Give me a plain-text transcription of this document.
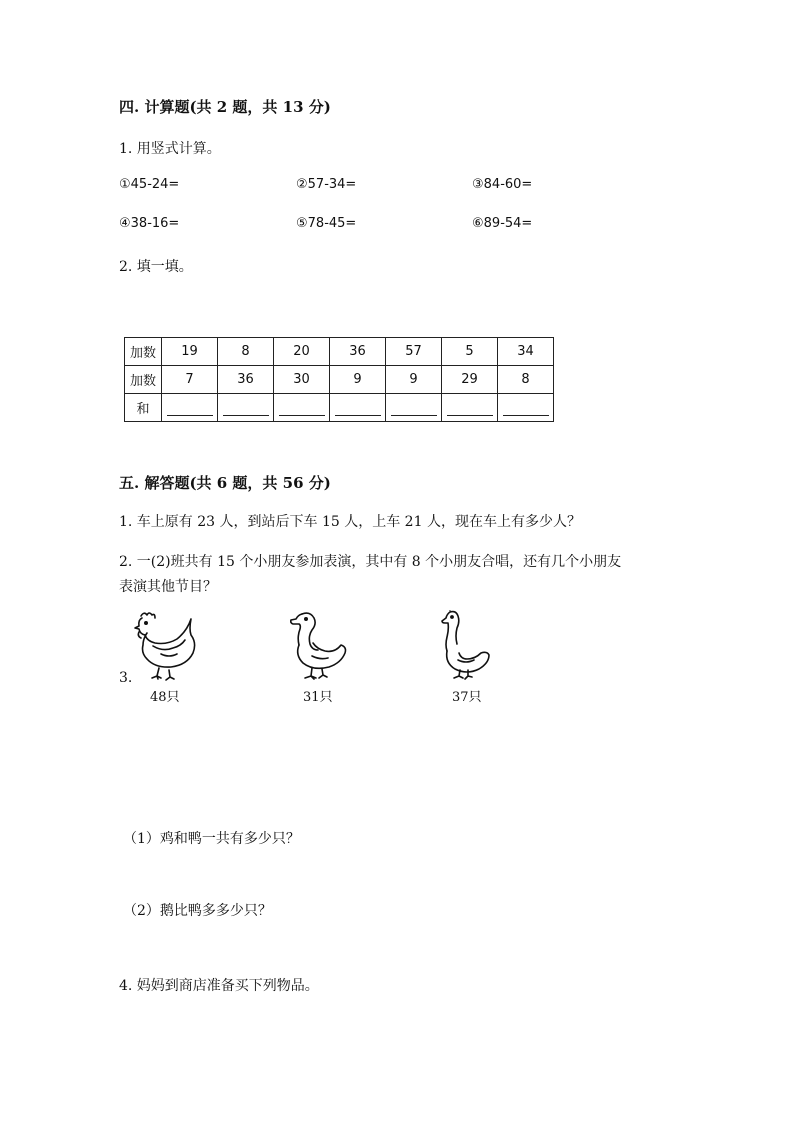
四. 计算题(共 2 题，共 13 分)
1. 用竖式计算。
①45-24=	②57-34=	③84-60=
④38-16=	⑤78-45=	⑥89-54=
2. 填一填。
加数	19	8	20	36	57	5	34
加数	7	36	30	9	9	29	8
和							
五. 解答题(共 6 题，共 56 分)
1. 车上原有 23 人，到站后下车 15 人，上车 21 人，现在车上有多少人？
2. 一(2)班共有 15 个小朋友参加表演，其中有 8 个小朋友合唱，还有几个小朋友
表演其他节目？
3.
48只	31只	37只
（1）鸡和鸭一共有多少只？
（2）鹅比鸭多多少只？
4. 妈妈到商店准备买下列物品。
